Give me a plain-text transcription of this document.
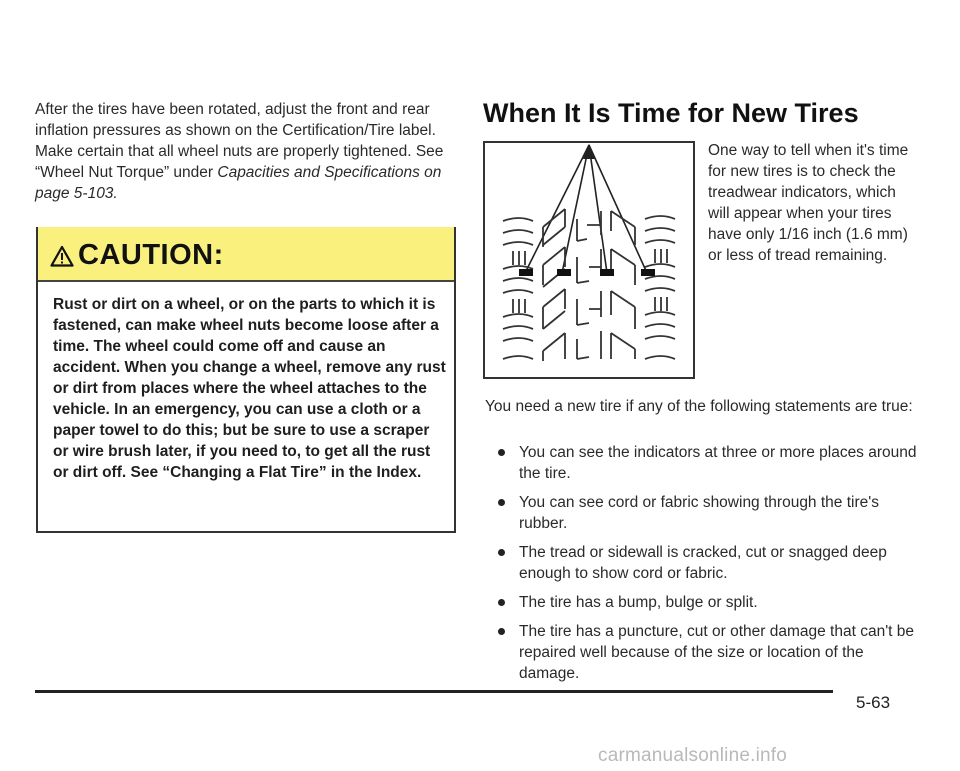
After the tires have been rotated, adjust the front and rear inflation pressures as shown on the Certification/Tire label. Make certain that all wheel nuts are properly tightened. See “Wheel Nut Torque” under Capacities and Specifications on page 5-103.
CAUTION:
Rust or dirt on a wheel, or on the parts to which it is fastened, can make wheel nuts become loose after a time. The wheel could come off and cause an accident. When you change a wheel, remove any rust or dirt from places where the wheel attaches to the vehicle. In an emergency, you can use a cloth or a paper towel to do this; but be sure to use a scraper or wire brush later, if you need to, to get all the rust or dirt off. See “Changing a Flat Tire” in the Index.
When It Is Time for New Tires
One way to tell when it's time for new tires is to check the treadwear indicators, which will appear when your tires have only 1/16 inch (1.6 mm) or less of tread remaining.
You need a new tire if any of the following statements are true:
You can see the indicators at three or more places around the tire.
You can see cord or fabric showing through the tire's rubber.
The tread or sidewall is cracked, cut or snagged deep enough to show cord or fabric.
The tire has a bump, bulge or split.
The tire has a puncture, cut or other damage that can't be repaired well because of the size or location of the damage.
5-63
carmanualsonline.info
